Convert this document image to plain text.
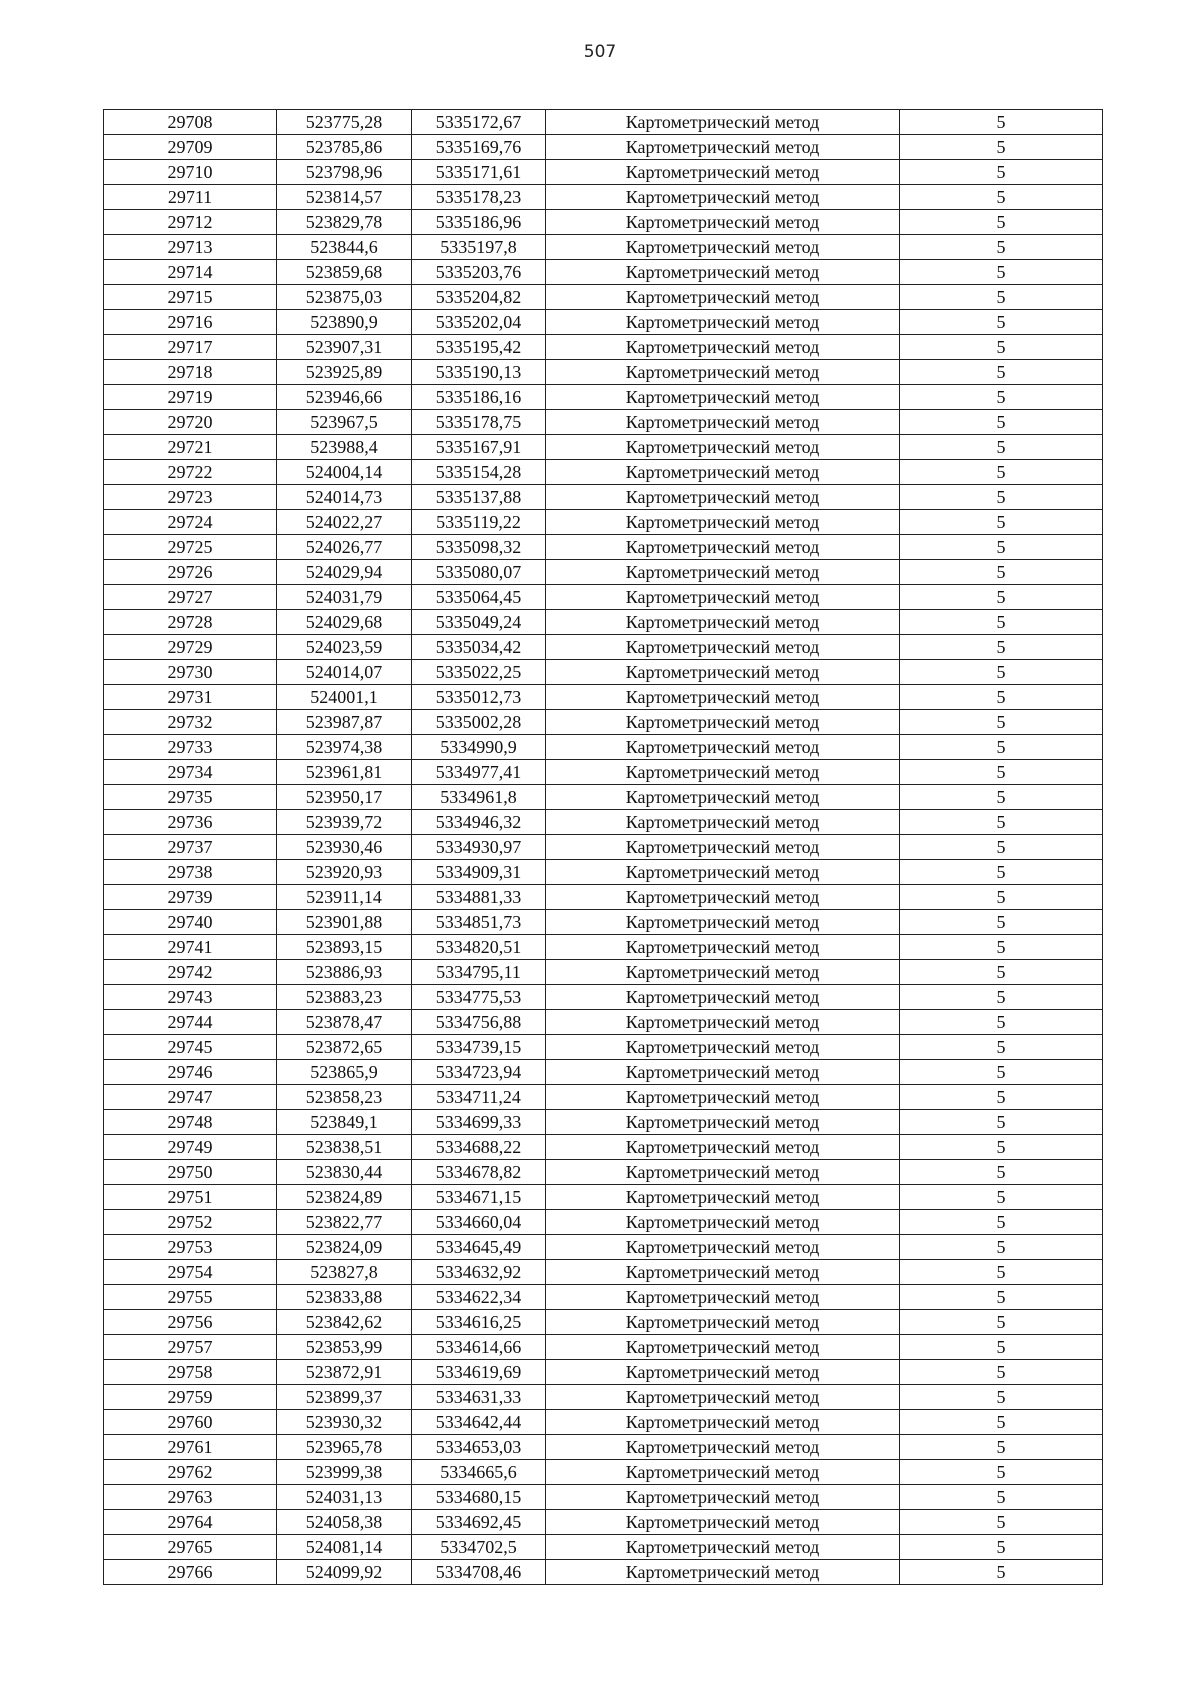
507
29708	523775,28	5335172,67	Картометрический метод	5
29709	523785,86	5335169,76	Картометрический метод	5
29710	523798,96	5335171,61	Картометрический метод	5
29711	523814,57	5335178,23	Картометрический метод	5
29712	523829,78	5335186,96	Картометрический метод	5
29713	523844,6	5335197,8	Картометрический метод	5
29714	523859,68	5335203,76	Картометрический метод	5
29715	523875,03	5335204,82	Картометрический метод	5
29716	523890,9	5335202,04	Картометрический метод	5
29717	523907,31	5335195,42	Картометрический метод	5
29718	523925,89	5335190,13	Картометрический метод	5
29719	523946,66	5335186,16	Картометрический метод	5
29720	523967,5	5335178,75	Картометрический метод	5
29721	523988,4	5335167,91	Картометрический метод	5
29722	524004,14	5335154,28	Картометрический метод	5
29723	524014,73	5335137,88	Картометрический метод	5
29724	524022,27	5335119,22	Картометрический метод	5
29725	524026,77	5335098,32	Картометрический метод	5
29726	524029,94	5335080,07	Картометрический метод	5
29727	524031,79	5335064,45	Картометрический метод	5
29728	524029,68	5335049,24	Картометрический метод	5
29729	524023,59	5335034,42	Картометрический метод	5
29730	524014,07	5335022,25	Картометрический метод	5
29731	524001,1	5335012,73	Картометрический метод	5
29732	523987,87	5335002,28	Картометрический метод	5
29733	523974,38	5334990,9	Картометрический метод	5
29734	523961,81	5334977,41	Картометрический метод	5
29735	523950,17	5334961,8	Картометрический метод	5
29736	523939,72	5334946,32	Картометрический метод	5
29737	523930,46	5334930,97	Картометрический метод	5
29738	523920,93	5334909,31	Картометрический метод	5
29739	523911,14	5334881,33	Картометрический метод	5
29740	523901,88	5334851,73	Картометрический метод	5
29741	523893,15	5334820,51	Картометрический метод	5
29742	523886,93	5334795,11	Картометрический метод	5
29743	523883,23	5334775,53	Картометрический метод	5
29744	523878,47	5334756,88	Картометрический метод	5
29745	523872,65	5334739,15	Картометрический метод	5
29746	523865,9	5334723,94	Картометрический метод	5
29747	523858,23	5334711,24	Картометрический метод	5
29748	523849,1	5334699,33	Картометрический метод	5
29749	523838,51	5334688,22	Картометрический метод	5
29750	523830,44	5334678,82	Картометрический метод	5
29751	523824,89	5334671,15	Картометрический метод	5
29752	523822,77	5334660,04	Картометрический метод	5
29753	523824,09	5334645,49	Картометрический метод	5
29754	523827,8	5334632,92	Картометрический метод	5
29755	523833,88	5334622,34	Картометрический метод	5
29756	523842,62	5334616,25	Картометрический метод	5
29757	523853,99	5334614,66	Картометрический метод	5
29758	523872,91	5334619,69	Картометрический метод	5
29759	523899,37	5334631,33	Картометрический метод	5
29760	523930,32	5334642,44	Картометрический метод	5
29761	523965,78	5334653,03	Картометрический метод	5
29762	523999,38	5334665,6	Картометрический метод	5
29763	524031,13	5334680,15	Картометрический метод	5
29764	524058,38	5334692,45	Картометрический метод	5
29765	524081,14	5334702,5	Картометрический метод	5
29766	524099,92	5334708,46	Картометрический метод	5
